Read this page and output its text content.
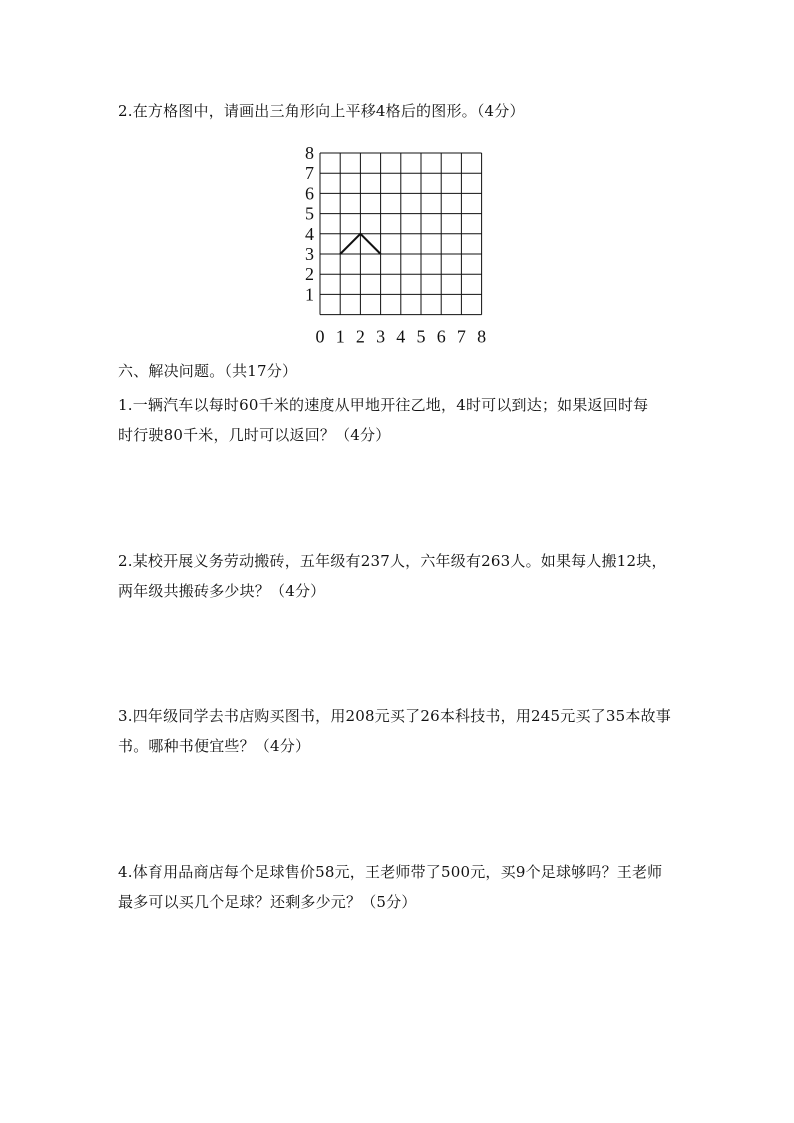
2.在方格图中，请画出三角形向上平移4格后的图形。（4分）
8
7
6
5
4
3
2
1
0 1 2 3 4 5 6 7 8
六、解决问题。（共17分）
1.一辆汽车以每时60千米的速度从甲地开往乙地，4时可以到达；如果返回时每
时行驶80千米，几时可以返回？（4分）
2.某校开展义务劳动搬砖，五年级有237人，六年级有263人。如果每人搬12块，
两年级共搬砖多少块？（4分）
3.四年级同学去书店购买图书，用208元买了26本科技书，用245元买了35本故事
书。哪种书便宜些？（4分）
4.体育用品商店每个足球售价58元，王老师带了500元，买9个足球够吗？王老师
最多可以买几个足球？还剩多少元？（5分）
